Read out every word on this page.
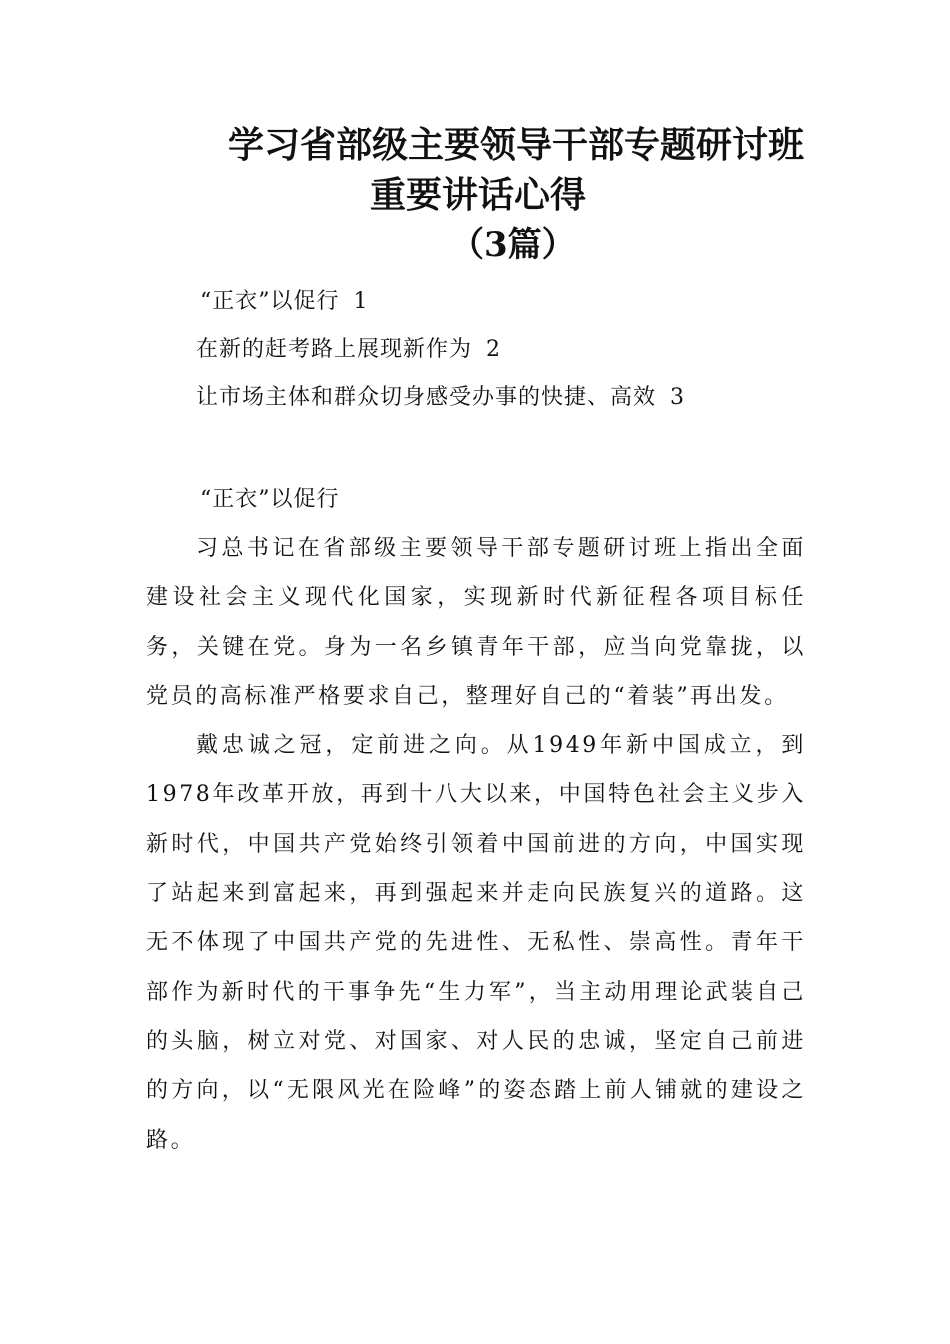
学习省部级主要领导干部专题研讨班
重要讲话心得
（3篇）
“正衣”以促行 1
在新的赶考路上展现新作为 2
让市场主体和群众切身感受办事的快捷、高效 3
“正衣”以促行

习总书记在省部级主要领导干部专题研讨班上指出全面建设社会主义现代化国家，实现新时代新征程各项目标任务，关键在党。身为一名乡镇青年干部，应当向党靠拢，以党员的高标准严格要求自己，整理好自己的“着装”再出发。

戴忠诚之冠，定前进之向。从1949年新中国成立，到1978年改革开放，再到十八大以来，中国特色社会主义步入新时代，中国共产党始终引领着中国前进的方向，中国实现了站起来到富起来，再到强起来并走向民族复兴的道路。这无不体现了中国共产党的先进性、无私性、崇高性。青年干部作为新时代的干事争先“生力军”，当主动用理论武装自己的头脑，树立对党、对国家、对人民的忠诚，坚定自己前进的方向，以“无限风光在险峰”的姿态踏上前人铺就的建设之路。
